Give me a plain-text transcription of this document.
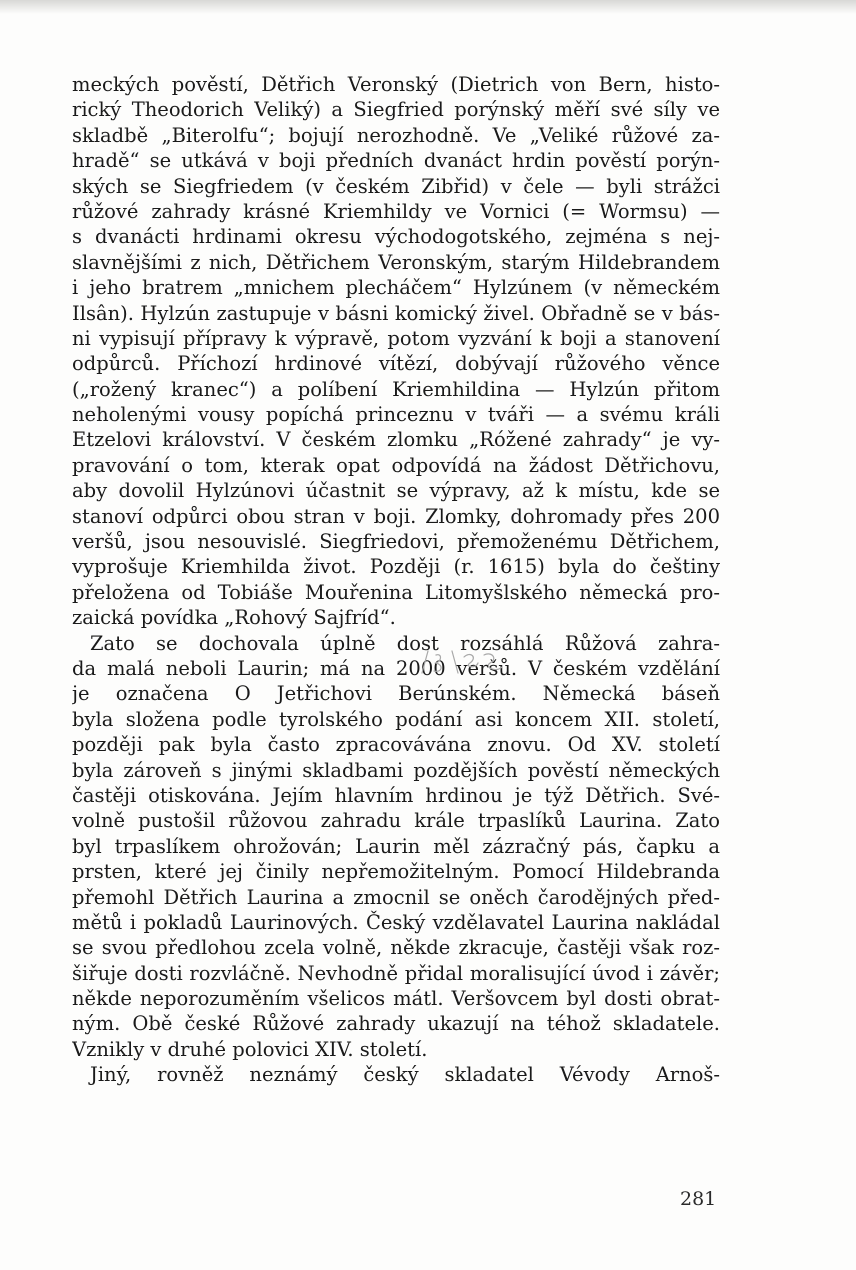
meckých pověstí, Dětřich Veronský (Dietrich von Bern, histo-
rický Theodorich Veliký) a Siegfried porýnský měří své síly ve
skladbě „Biterolfu“; bojují nerozhodně. Ve „Veliké růžové za-
hradě“ se utkává v boji předních dvanáct hrdin pověstí porýn-
ských se Siegfriedem (v českém Zibřid) v čele — byli strážci
růžové zahrady krásné Kriemhildy ve Vornici (= Wormsu) —
s dvanácti hrdinami okresu východogotského, zejména s nej-
slavnějšími z nich, Dětřichem Veronským, starým Hildebrandem
i jeho bratrem „mnichem plecháčem“ Hylzúnem (v německém
Ilsân). Hylzún zastupuje v básni komický živel. Obřadně se v bás-
ni vypisují přípravy k výpravě, potom vyzvání k boji a stanovení
odpůrců. Příchozí hrdinové vítězí, dobývají růžového věnce
(„rožený kranec“) a políbení Kriemhildina — Hylzún přitom
neholenými vousy popíchá princeznu v tváři — a svému králi
Etzelovi království. V českém zlomku „Róžené zahrady“ je vy-
pravování o tom, kterak opat odpovídá na žádost Dětřichovu,
aby dovolil Hylzúnovi účastnit se výpravy, až k místu, kde se
stanoví odpůrci obou stran v boji. Zlomky, dohromady přes 200
veršů, jsou nesouvislé. Siegfriedovi, přemoženému Dětřichem,
vyprošuje Kriemhilda život. Později (r. 1615) byla do češtiny
přeložena od Tobiáše Mouřenina Litomyšlského německá pro-
zaická povídka „Rohový Sajfríd“.
Zato se dochovala úplně dost rozsáhlá Růžová zahra-
da malá neboli Laurin; má na 2000 veršů. V českém vzdělání
je označena O Jetřichovi Berúnském. Německá báseň
byla složena podle tyrolského podání asi koncem XII. století,
později pak byla často zpracovávána znovu. Od XV. století
byla zároveň s jinými skladbami pozdějších pověstí německých
častěji otiskována. Jejím hlavním hrdinou je týž Dětřich. Své-
volně pustošil růžovou zahradu krále trpaslíků Laurina. Zato
byl trpaslíkem ohrožován; Laurin měl zázračný pás, čapku a
prsten, které jej činily nepřemožitelným. Pomocí Hildebranda
přemohl Dětřich Laurina a zmocnil se oněch čarodějných před-
mětů i pokladů Laurinových. Český vzdělavatel Laurina nakládal
se svou předlohou zcela volně, někde zkracuje, častěji však roz-
šiřuje dosti rozvláčně. Nevhodně přidal moralisující úvod i závěr;
někde neporozuměním všelicos mátl. Veršovcem byl dosti obrat-
ným. Obě české Růžové zahrady ukazují na téhož skladatele.
Vznikly v druhé polovici XIV. století.
Jiný, rovněž neznámý český skladatel Vévody Arnoš-
281
